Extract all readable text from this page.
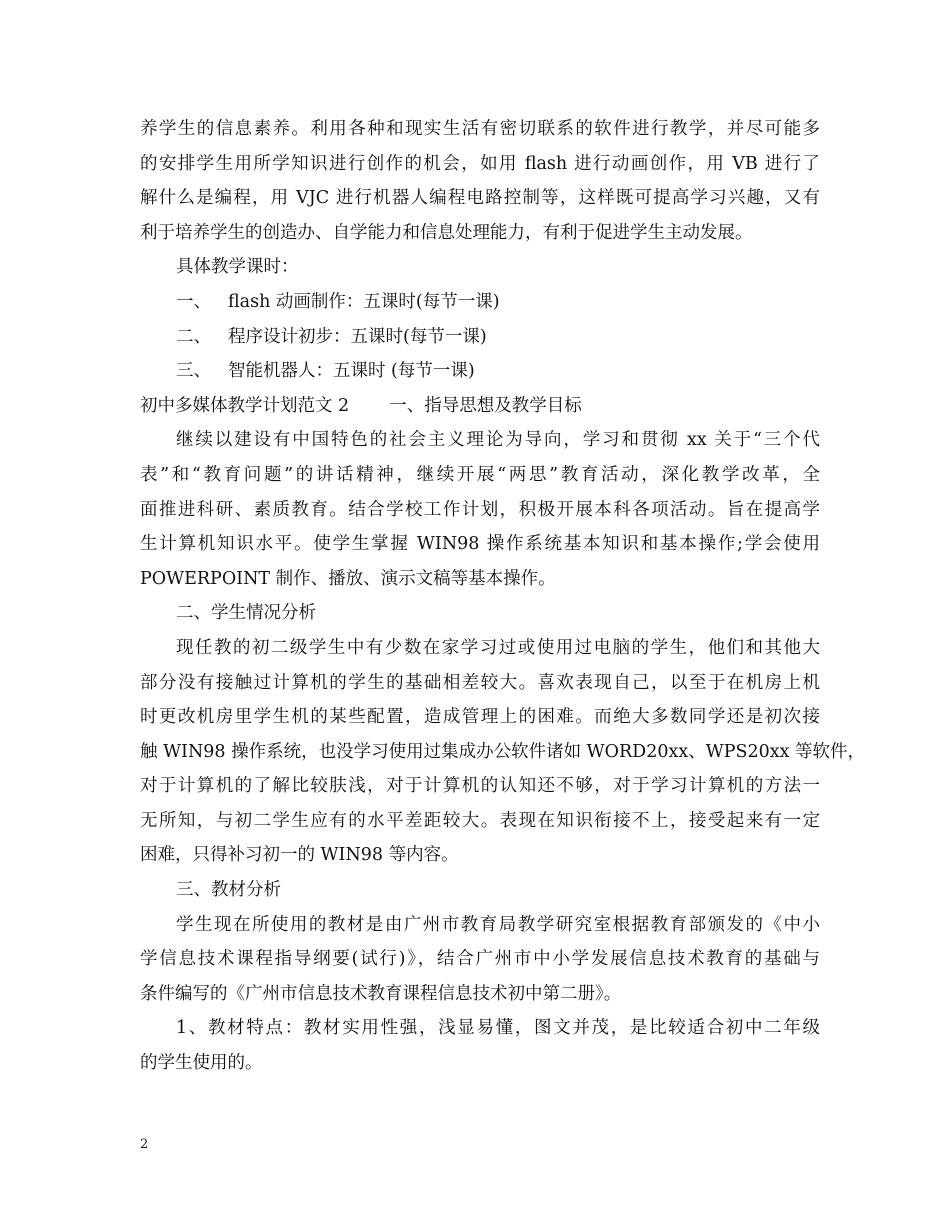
养学生的信息素养。利用各种和现实生活有密切联系的软件进行教学，并尽可能多
的安排学生用所学知识进行创作的机会，如用 flash 进行动画创作，用 VB 进行了
解什么是编程，用 VJC 进行机器人编程电路控制等，这样既可提高学习兴趣，又有
利于培养学生的创造办、自学能力和信息处理能力，有利于促进学生主动发展。
具体教学课时：
一、 flash 动画制作：五课时(每节一课)
二、 程序设计初步：五课时(每节一课)
三、 智能机器人：五课时 (每节一课)
初中多媒体教学计划范文 2 一、指导思想及教学目标
继续以建设有中国特色的社会主义理论为导向，学习和贯彻 xx 关于“三个代
表”和“教育问题”的讲话精神，继续开展“两思”教育活动，深化教学改革，全
面推进科研、素质教育。结合学校工作计划，积极开展本科各项活动。旨在提高学
生计算机知识水平。使学生掌握 WIN98 操作系统基本知识和基本操作;学会使用
POWERPOINT 制作、播放、演示文稿等基本操作。
二、学生情况分析
现任教的初二级学生中有少数在家学习过或使用过电脑的学生，他们和其他大
部分没有接触过计算机的学生的基础相差较大。喜欢表现自己，以至于在机房上机
时更改机房里学生机的某些配置，造成管理上的困难。而绝大多数同学还是初次接
触 WIN98 操作系统，也没学习使用过集成办公软件诸如 WORD20xx、WPS20xx 等软件，
对于计算机的了解比较肤浅，对于计算机的认知还不够，对于学习计算机的方法一
无所知，与初二学生应有的水平差距较大。表现在知识衔接不上，接受起来有一定
困难，只得补习初一的 WIN98 等内容。
三、教材分析
学生现在所使用的教材是由广州市教育局教学研究室根据教育部颁发的《中小
学信息技术课程指导纲要(试行)》，结合广州市中小学发展信息技术教育的基础与
条件编写的《广州市信息技术教育课程信息技术初中第二册》。
1、教材特点：教材实用性强，浅显易懂，图文并茂，是比较适合初中二年级
的学生使用的。
2
